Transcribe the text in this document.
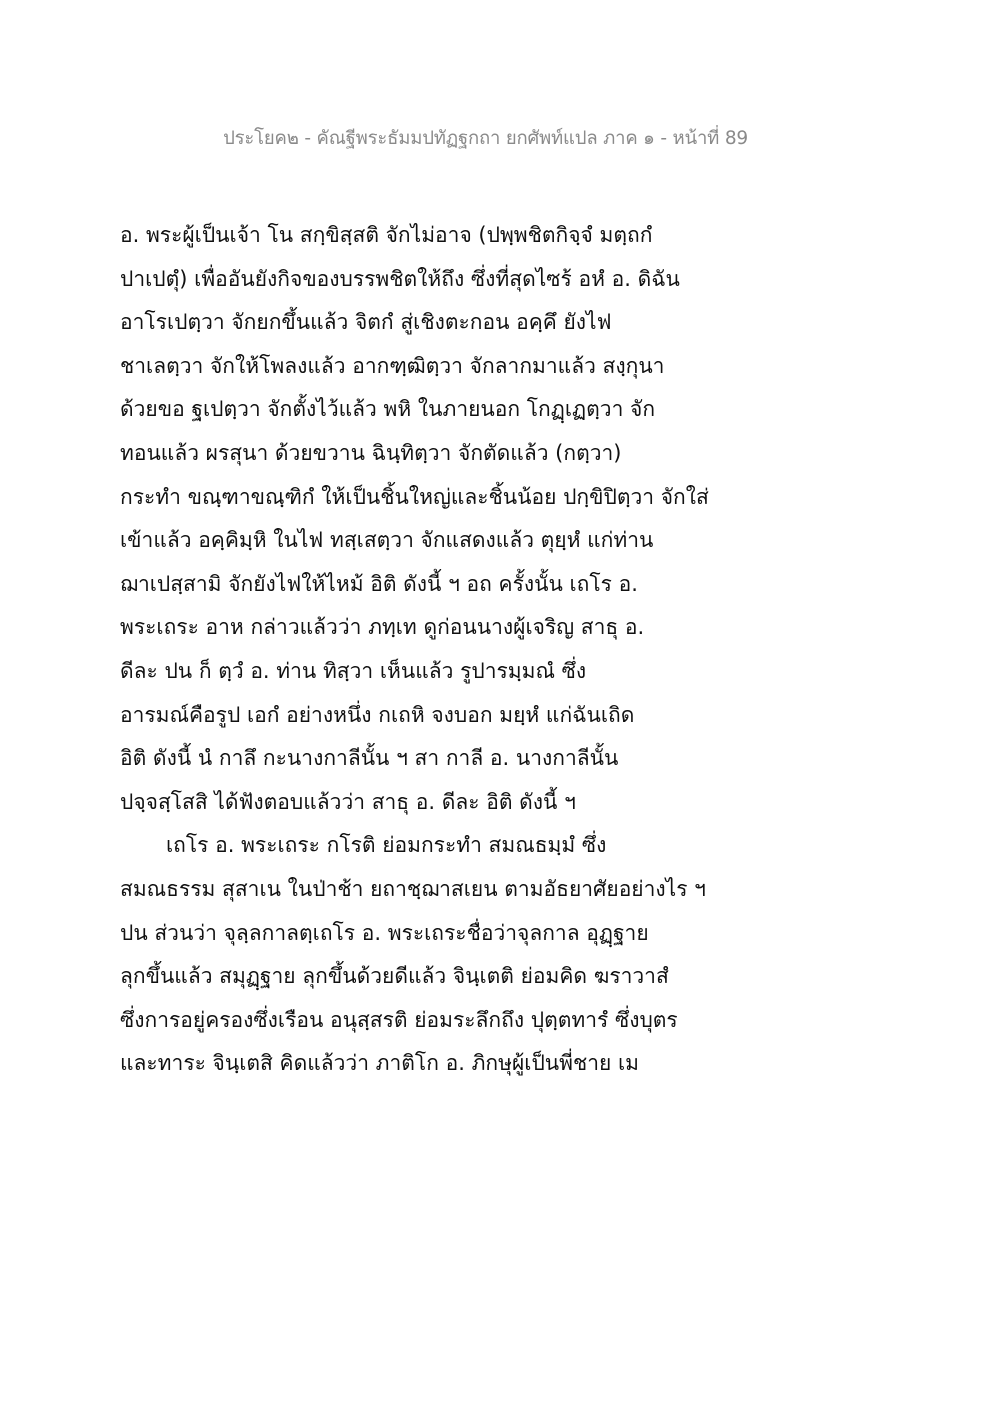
ประโยค๒ - คัณฐีพระธัมมปทัฏฐกถา ยกศัพท์แปล ภาค ๑ - หน้าที่ 89
อ. พระผู้เป็นเจ้า โน สกฺขิสฺสติ จักไม่อาจ (ปพฺพชิตกิจฺจํ มตฺถกํ
ปาเปตุํ) เพื่ออันยังกิจของบรรพชิตให้ถึง ซึ่งที่สุดไซร้ อหํ อ. ดิฉัน
อาโรเปตฺวา จักยกขึ้นแล้ว จิตกํ สู่เชิงตะกอน อคฺคึ ยังไฟ
ชาเลตฺวา จักให้โพลงแล้ว อากฑฺฒิตฺวา จักลากมาแล้ว สงฺกุนา
ด้วยขอ ฐเปตฺวา จักตั้งไว้แล้ว พหิ ในภายนอก โกฏฺเฏตฺวา จัก
ทอนแล้ว ผรสุนา ด้วยขวาน ฉินฺทิตฺวา จักตัดแล้ว (กตฺวา)
กระทำ ขณฺฑาขณฺฑิกํ ให้เป็นชิ้นใหญ่และชิ้นน้อย ปกฺขิปิตฺวา จักใส่
เข้าแล้ว อคฺคิมฺหิ ในไฟ ทสฺเสตฺวา จักแสดงแล้ว ตุยฺหํ แก่ท่าน
ฌาเปสฺสามิ จักยังไฟให้ไหม้ อิติ ดังนี้ ฯ อถ ครั้งนั้น เถโร อ.
พระเถระ อาห กล่าวแล้วว่า ภทฺเท ดูก่อนนางผู้เจริญ สาธุ อ.
ดีละ ปน ก็ ตฺวํ อ. ท่าน ทิสฺวา เห็นแล้ว รูปารมฺมณํ ซึ่ง
อารมณ์คือรูป เอกํ อย่างหนึ่ง กเถหิ จงบอก มยฺหํ แก่ฉันเถิด
อิติ ดังนี้ นํ กาลึ กะนางกาลีนั้น ฯ สา กาลี อ. นางกาลีนั้น
ปจฺจสฺโสสิ ได้ฟังตอบแล้วว่า สาธุ อ. ดีละ อิติ ดังนี้ ฯ
เถโร อ. พระเถระ กโรติ ย่อมกระทำ สมณธมฺมํ ซึ่ง
สมณธรรม สุสาเน ในป่าช้า ยถาชฺฌาสเยน ตามอัธยาศัยอย่างไร ฯ
ปน ส่วนว่า จุลฺลกาลตฺเถโร อ. พระเถระชื่อว่าจุลกาล อุฏฺฐาย
ลุกขึ้นแล้ว สมุฏฺฐาย ลุกขึ้นด้วยดีแล้ว จินฺเตติ ย่อมคิด ฆราวาสํ
ซึ่งการอยู่ครองซึ่งเรือน อนุสฺสรติ ย่อมระลึกถึง ปุตฺตทารํ ซึ่งบุตร
และทาระ จินฺเตสิ คิดแล้วว่า ภาติโก อ. ภิกษุผู้เป็นพี่ชาย เม
